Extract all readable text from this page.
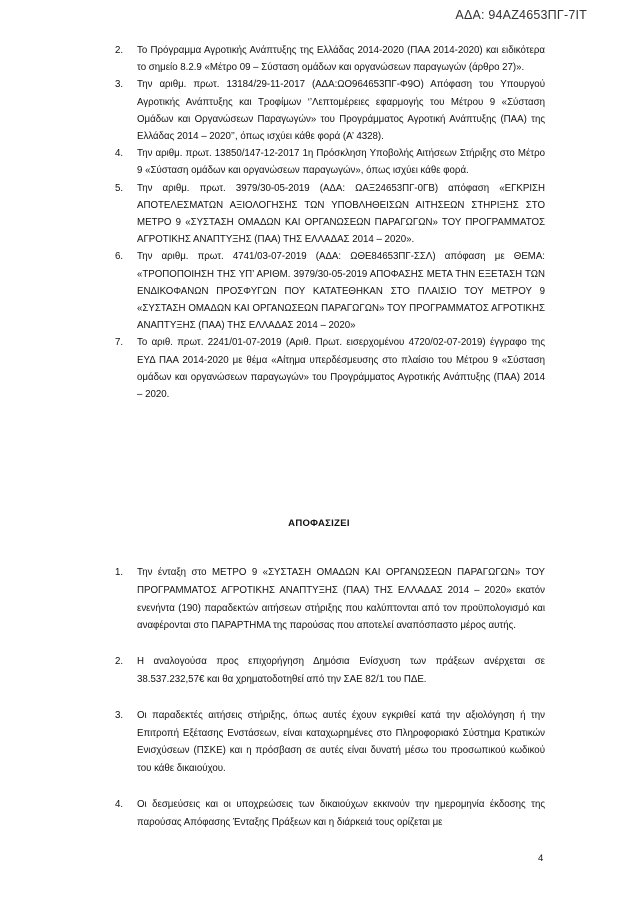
ΑΔΑ: 94ΑΖ4653ΠΓ-7ΙΤ
2. Το Πρόγραμμα Αγροτικής Ανάπτυξης της Ελλάδας 2014-2020 (ΠΑΑ 2014-2020) και ειδικότερα το σημείο 8.2.9 «Μέτρο 09 – Σύσταση ομάδων και οργανώσεων παραγωγών (άρθρο 27)».
3. Την αριθμ. πρωτ. 13184/29-11-2017 (ΑΔΑ:ΩΟ964653ΠΓ-Φ9Ο) Απόφαση του Υπουργού Αγροτικής Ανάπτυξης και Τροφίμων ‘’Λεπτομέρειες εφαρμογής του Μέτρου 9 «Σύσταση Ομάδων και Οργανώσεων Παραγωγών» του Προγράμματος Αγροτική Ανάπτυξης (ΠΑΑ) της Ελλάδας 2014 – 2020’’, όπως ισχύει κάθε φορά (Α’ 4328).
4. Την αριθμ. πρωτ. 13850/147-12-2017 1η Πρόσκληση Υποβολής Αιτήσεων Στήριξης στο Μέτρο 9 «Σύσταση ομάδων και οργανώσεων παραγωγών», όπως ισχύει κάθε φορά.
5. Την αριθμ. πρωτ. 3979/30-05-2019 (ΑΔΑ: ΩΑΞ24653ΠΓ-0ΓΒ) απόφαση «ΕΓΚΡΙΣΗ ΑΠΟΤΕΛΕΣΜΑΤΩΝ ΑΞΙΟΛΟΓΗΣΗΣ ΤΩΝ ΥΠΟΒΛΗΘΕΙΣΩΝ ΑΙΤΗΣΕΩΝ ΣΤΗΡΙΞΗΣ ΣΤΟ ΜΕΤΡΟ 9 «ΣΥΣΤΑΣΗ ΟΜΑΔΩΝ ΚΑΙ ΟΡΓΑΝΩΣΕΩΝ ΠΑΡΑΓΩΓΩΝ» ΤΟΥ ΠΡΟΓΡΑΜΜΑΤΟΣ ΑΓΡΟΤΙΚΗΣ ΑΝΑΠΤΥΞΗΣ (ΠΑΑ) ΤΗΣ ΕΛΛΑΔΑΣ 2014 – 2020».
6. Την αριθμ. πρωτ. 4741/03-07-2019 (ΑΔΑ: ΩΘΕ84653ΠΓ-ΣΣΛ) απόφαση με ΘΕΜΑ: «ΤΡΟΠΟΠΟΙΗΣΗ ΤΗΣ ΥΠ’ ΑΡΙΘΜ. 3979/30-05-2019 ΑΠΟΦΑΣΗΣ ΜΕΤΑ ΤΗΝ ΕΞΕΤΑΣΗ ΤΩΝ ΕΝΔΙΚΟΦΑΝΩΝ ΠΡΟΣΦΥΓΩΝ ΠΟΥ ΚΑΤΑΤΕΘΗΚΑΝ ΣΤΟ ΠΛΑΙΣΙΟ ΤΟΥ ΜΕΤΡΟΥ 9 «ΣΥΣΤΑΣΗ ΟΜΑΔΩΝ ΚΑΙ ΟΡΓΑΝΩΣΕΩΝ ΠΑΡΑΓΩΓΩΝ» ΤΟΥ ΠΡΟΓΡΑΜΜΑΤΟΣ ΑΓΡΟΤΙΚΗΣ ΑΝΑΠΤΥΞΗΣ (ΠΑΑ) ΤΗΣ ΕΛΛΑΔΑΣ 2014 – 2020»
7. Το αριθ. πρωτ. 2241/01-07-2019 (Αριθ. Πρωτ. εισερχομένου 4720/02-07-2019) έγγραφο της ΕΥΔ ΠΑΑ 2014-2020 με θέμα «Αίτημα υπερδέσμευσης στο πλαίσιο του Μέτρου 9 «Σύσταση ομάδων και οργανώσεων παραγωγών» του Προγράμματος Αγροτικής Ανάπτυξης (ΠΑΑ) 2014 – 2020.
ΑΠΟΦΑΣΙΖΕΙ
1. Την ένταξη στο ΜΕΤΡΟ 9 «ΣΥΣΤΑΣΗ ΟΜΑΔΩΝ ΚΑΙ ΟΡΓΑΝΩΣΕΩΝ ΠΑΡΑΓΩΓΩΝ» ΤΟΥ ΠΡΟΓΡΑΜΜΑΤΟΣ ΑΓΡΟΤΙΚΗΣ ΑΝΑΠΤΥΞΗΣ (ΠΑΑ) ΤΗΣ ΕΛΛΑΔΑΣ 2014 – 2020» εκατόν ενενήντα (190) παραδεκτών αιτήσεων στήριξης που καλύπτονται από τον προϋπολογισμό και αναφέρονται στο ΠΑΡΑΡΤΗΜΑ της παρούσας που αποτελεί αναπόσπαστο μέρος αυτής.
2. Η αναλογούσα προς επιχορήγηση Δημόσια Ενίσχυση των πράξεων ανέρχεται σε 38.537.232,57€ και θα χρηματοδοτηθεί από την ΣΑΕ 82/1 του ΠΔΕ.
3. Οι παραδεκτές αιτήσεις στήριξης, όπως αυτές έχουν εγκριθεί κατά την αξιολόγηση ή την Επιτροπή Εξέτασης Ενστάσεων, είναι καταχωρημένες στο Πληροφοριακό Σύστημα Κρατικών Ενισχύσεων (ΠΣΚΕ) και η πρόσβαση σε αυτές είναι δυνατή μέσω του προσωπικού κωδικού του κάθε δικαιούχου.
4. Οι δεσμεύσεις και οι υποχρεώσεις των δικαιούχων εκκινούν την ημερομηνία έκδοσης της παρούσας Απόφασης Ένταξης Πράξεων και η διάρκειά τους ορίζεται με
4
